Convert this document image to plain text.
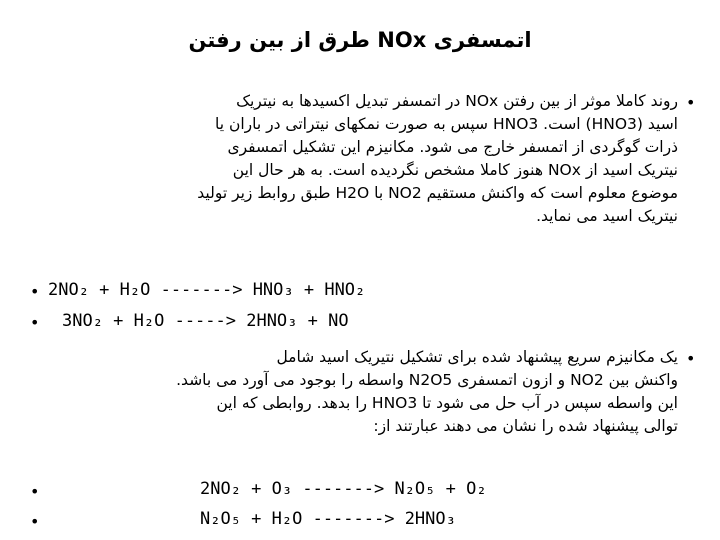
اتمسفری NOx طرق از بین رفتن
•
روند کاملا موثر از بین رفتن NOx در اتمسفر تبدیل اکسیدها به نیتریک
اسید (HNO3) است. HNO3 سپس به صورت نمکهای نیتراتی در باران یا
ذرات گوگردی از اتمسفر خارج می شود. مکانیزم این تشکیل اتمسفری
نیتریک اسید از NOx هنوز کاملا مشخص نگردیده است. به هر حال این
موضوع معلوم است که واکنش مستقیم NO2 با H2O طبق روابط زیر تولید
نیتریک اسید می نماید.
• 2NO₂ + H₂O -------> HNO₃ + HNO₂
• 3NO₂ + H₂O -----> 2HNO₃ + NO
•
یک مکانیزم سریع پیشنهاد شده برای تشکیل نتیریک اسید شامل
واکنش بین NO2 و ازون اتمسفری N2O5 واسطه را بوجود می آورد می باشد.
این واسطه سپس در آب حل می شود تا HNO3 را بدهد. روابطی که این
توالی پیشنهاد شده را نشان می دهند عبارتند از:
•	2NO₂ + O₃ -------> N₂O₅ + O₂
•	N₂O₅ + H₂O -------> 2HNO₃
